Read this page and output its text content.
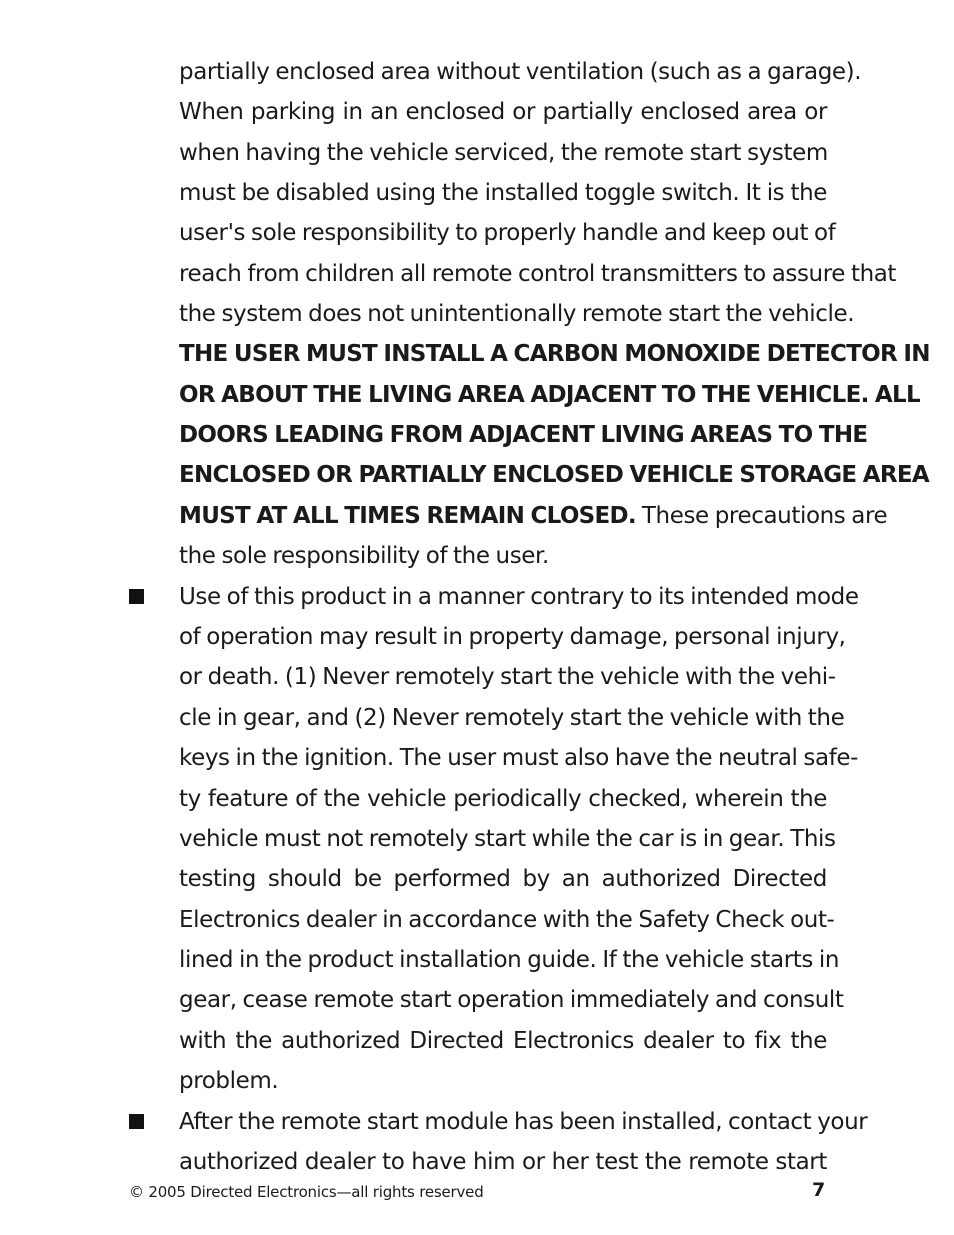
partially enclosed area without ventilation (such as a garage).
When parking in an enclosed or partially enclosed area or
when having the vehicle serviced, the remote start system
must be disabled using the installed toggle switch. It is the
user's sole responsibility to properly handle and keep out of
reach from children all remote control transmitters to assure that
the system does not unintentionally remote start the vehicle.
THE USER MUST INSTALL A CARBON MONOXIDE DETECTOR IN
OR ABOUT THE LIVING AREA ADJACENT TO THE VEHICLE. ALL
DOORS LEADING FROM ADJACENT LIVING AREAS TO THE
ENCLOSED OR PARTIALLY ENCLOSED VEHICLE STORAGE AREA
MUST AT ALL TIMES REMAIN CLOSED. These precautions are
the sole responsibility of the user.
Use of this product in a manner contrary to its intended mode
of operation may result in property damage, personal injury,
or death. (1) Never remotely start the vehicle with the vehi-
cle in gear, and (2) Never remotely start the vehicle with the
keys in the ignition. The user must also have the neutral safe-
ty feature of the vehicle periodically checked, wherein the
vehicle must not remotely start while the car is in gear. This
testing should be performed by an authorized Directed
Electronics dealer in accordance with the Safety Check out-
lined in the product installation guide. If the vehicle starts in
gear, cease remote start operation immediately and consult
with the authorized Directed Electronics dealer to fix the
problem.
After the remote start module has been installed, contact your
authorized dealer to have him or her test the remote start
© 2005 Directed Electronics—all rights reserved	7
